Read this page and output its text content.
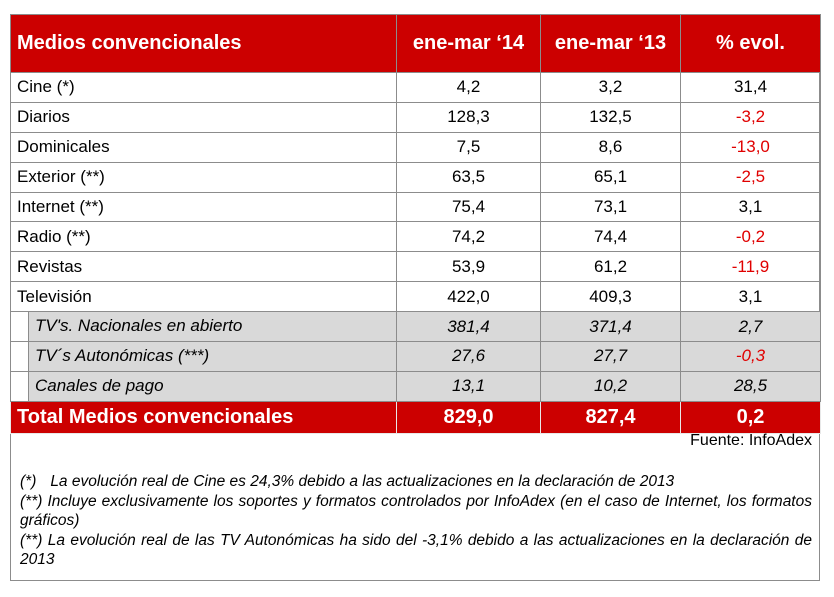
Medios convencionales	ene-mar ‘14	ene-mar ‘13	% evol.
Cine (*)	4,2	3,2	31,4
Diarios	128,3	132,5	-3,2
Dominicales	7,5	8,6	-13,0
Exterior (**)	63,5	65,1	-2,5
Internet (**)	75,4	73,1	3,1
Radio (**)	74,2	74,4	-0,2
Revistas	53,9	61,2	-11,9
Televisión	422,0	409,3	3,1

TV's. Nacionales en abierto	381,4	371,4	2,7

TV´s Autonómicas (***)	27,6	27,7	-0,3

Canales de pago	13,1	10,2	28,5
Total Medios convencionales	829,0	827,4	0,2
Fuente: InfoAdex

(*) La evolución real de Cine es 24,3% debido a las actualizaciones en la declaración de 2013

(**) Incluye exclusivamente los soportes y formatos controlados por InfoAdex (en el caso de Internet, los formatos gráficos)

(**) La evolución real de las TV Autonómicas ha sido del -3,1% debido a las actualizaciones en la declaración de 2013
